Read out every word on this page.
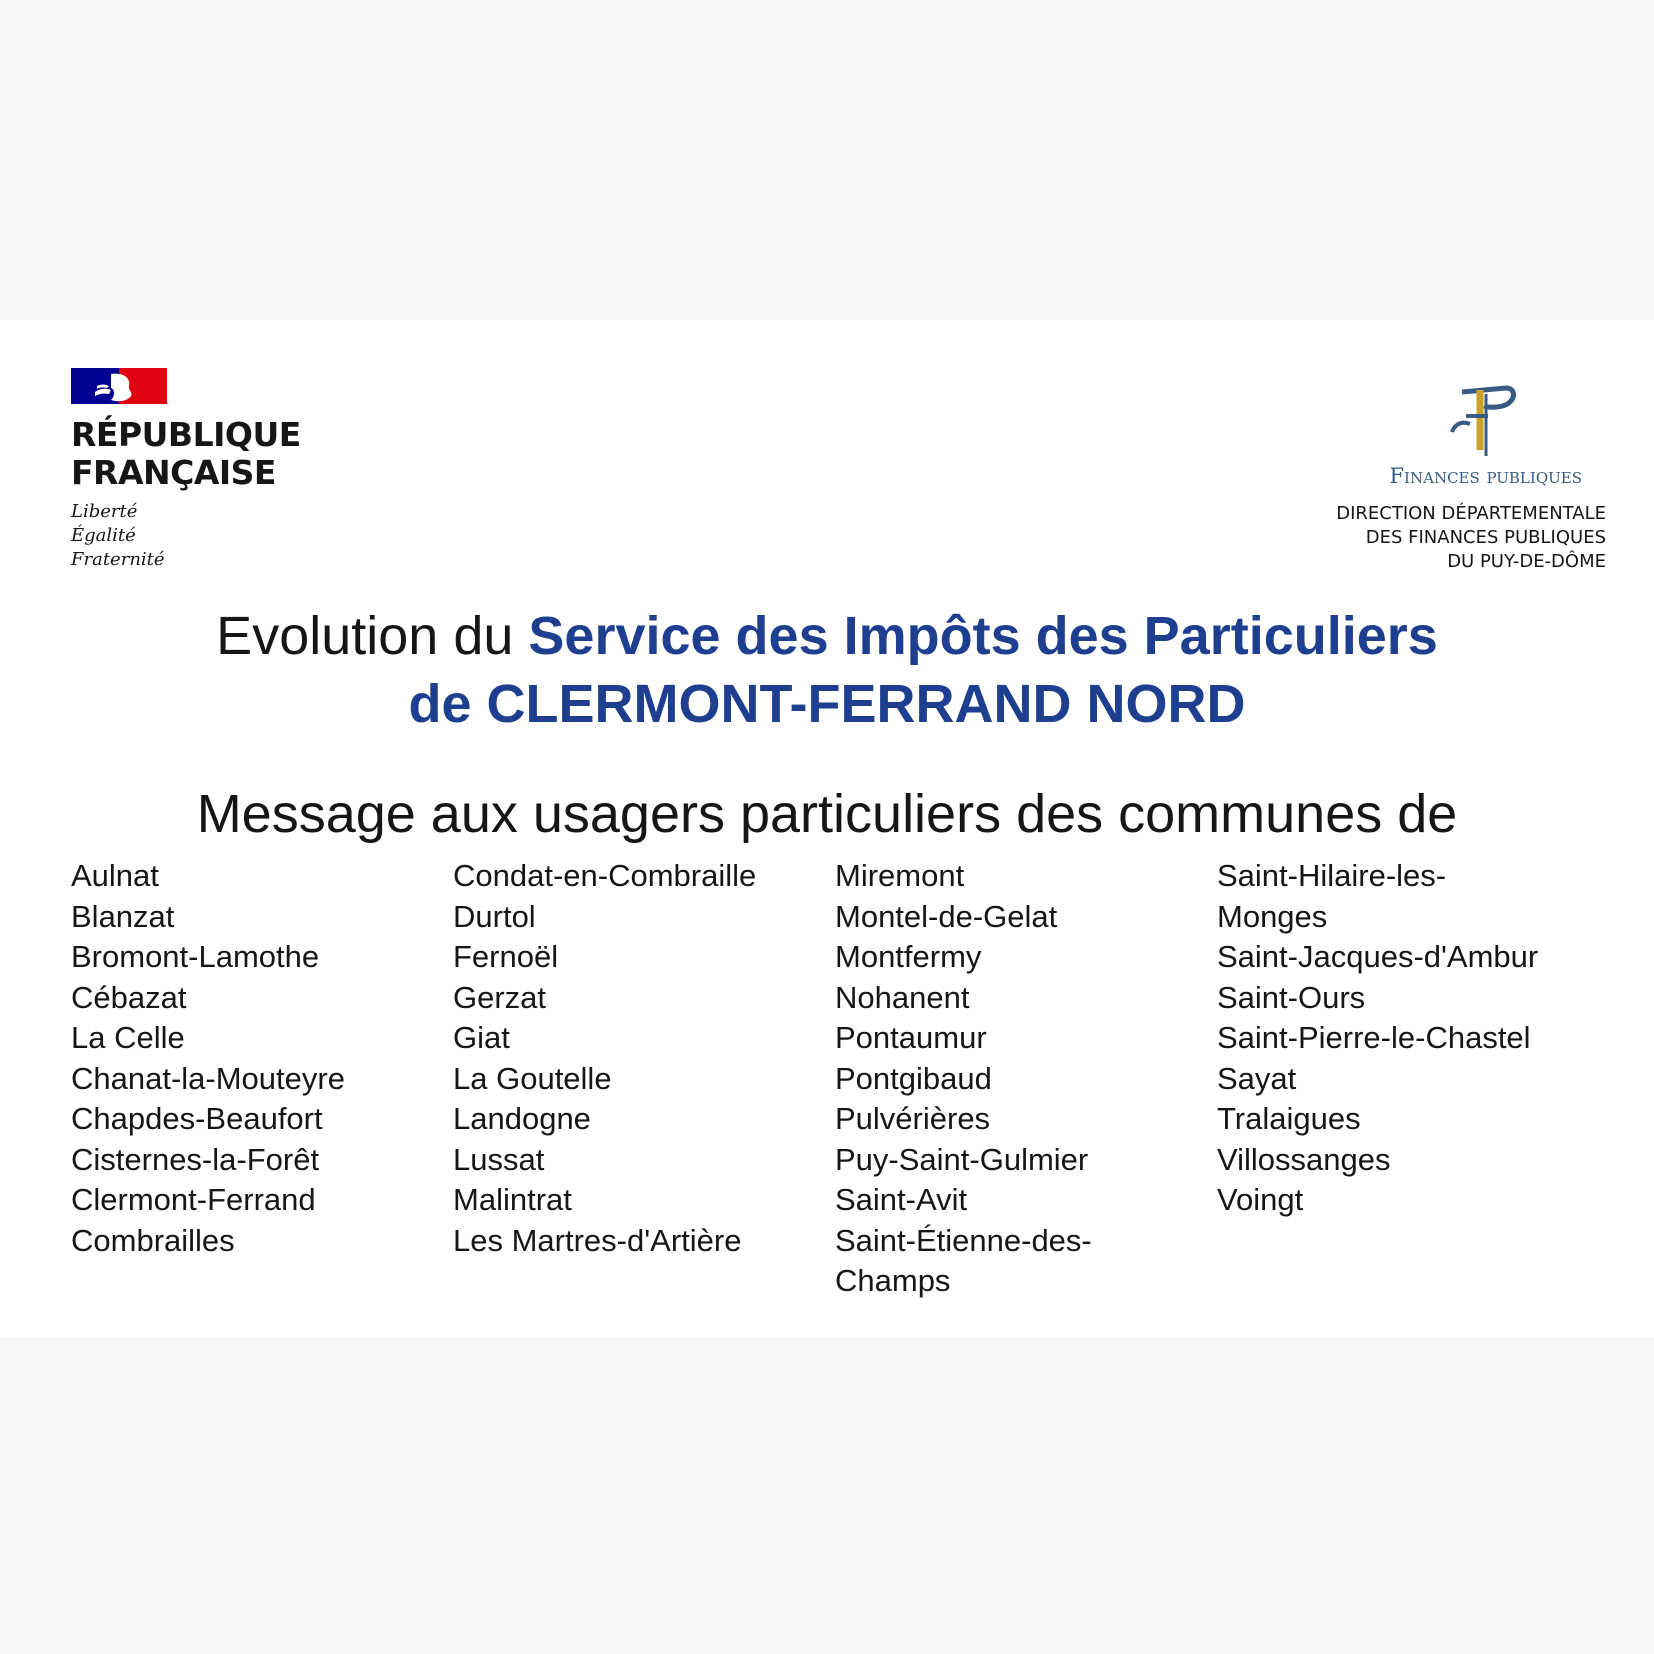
RÉPUBLIQUE
FRANÇAISE
Liberté
Égalité
Fraternité
Finances publiques
DIRECTION DÉPARTEMENTALE
DES FINANCES PUBLIQUES
DU PUY-DE-DÔME
Evolution du Service des Impôts des Particuliers
de CLERMONT-FERRAND NORD
Message aux usagers particuliers des communes de
Aulnat
Blanzat
Bromont-Lamothe
Cébazat
La Celle
Chanat-la-Mouteyre
Chapdes-Beaufort
Cisternes-la-Forêt
Clermont-Ferrand
Combrailles
Condat-en-Combraille
Durtol
Fernoël
Gerzat
Giat
La Goutelle
Landogne
Lussat
Malintrat
Les Martres-d'Artière
Miremont
Montel-de-Gelat
Montfermy
Nohanent
Pontaumur
Pontgibaud
Pulvérières
Puy-Saint-Gulmier
Saint-Avit
Saint-Étienne-des-Champs
Saint-Hilaire-les-Monges
Saint-Jacques-d'Ambur
Saint-Ours
Saint-Pierre-le-Chastel
Sayat
Tralaigues
Villossanges
Voingt
